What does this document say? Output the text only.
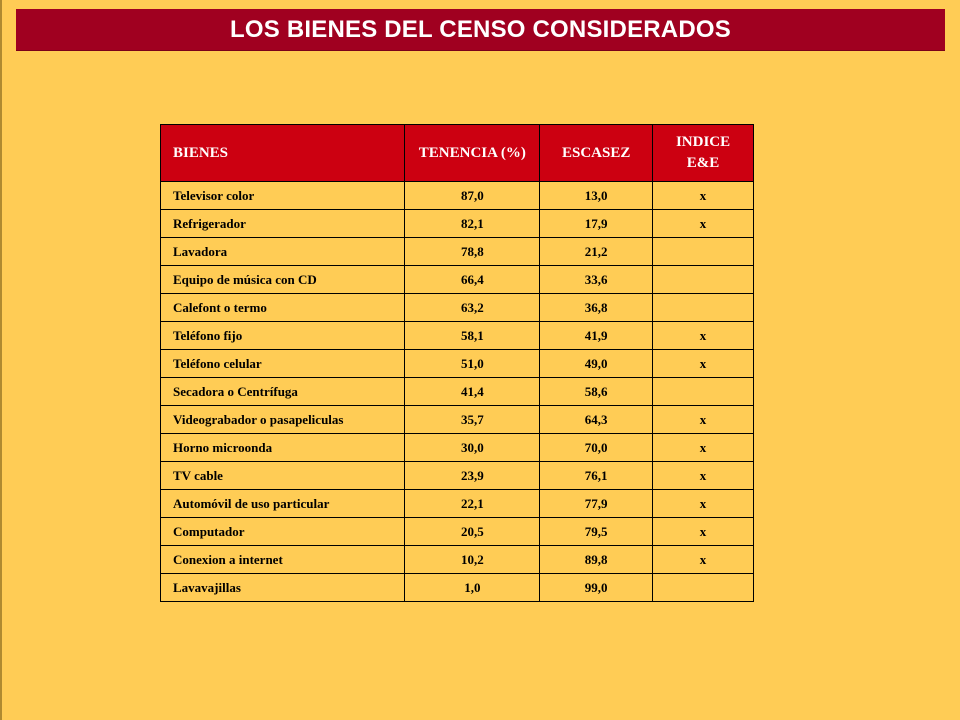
LOS BIENES DEL CENSO CONSIDERADOS
BIENES	TENENCIA (%)	ESCASEZ	INDICE E&E
Televisor color	87,0	13,0	x
Refrigerador	82,1	17,9	x
Lavadora	78,8	21,2	
Equipo de música con CD	66,4	33,6	
Calefont o termo	63,2	36,8	
Teléfono fijo	58,1	41,9	x
Teléfono celular	51,0	49,0	x
Secadora o Centrífuga	41,4	58,6	
Videograbador o pasapeliculas	35,7	64,3	x
Horno microonda	30,0	70,0	x
TV cable	23,9	76,1	x
Automóvil de uso particular	22,1	77,9	x
Computador	20,5	79,5	x
Conexion a internet	10,2	89,8	x
Lavavajillas	1,0	99,0	
